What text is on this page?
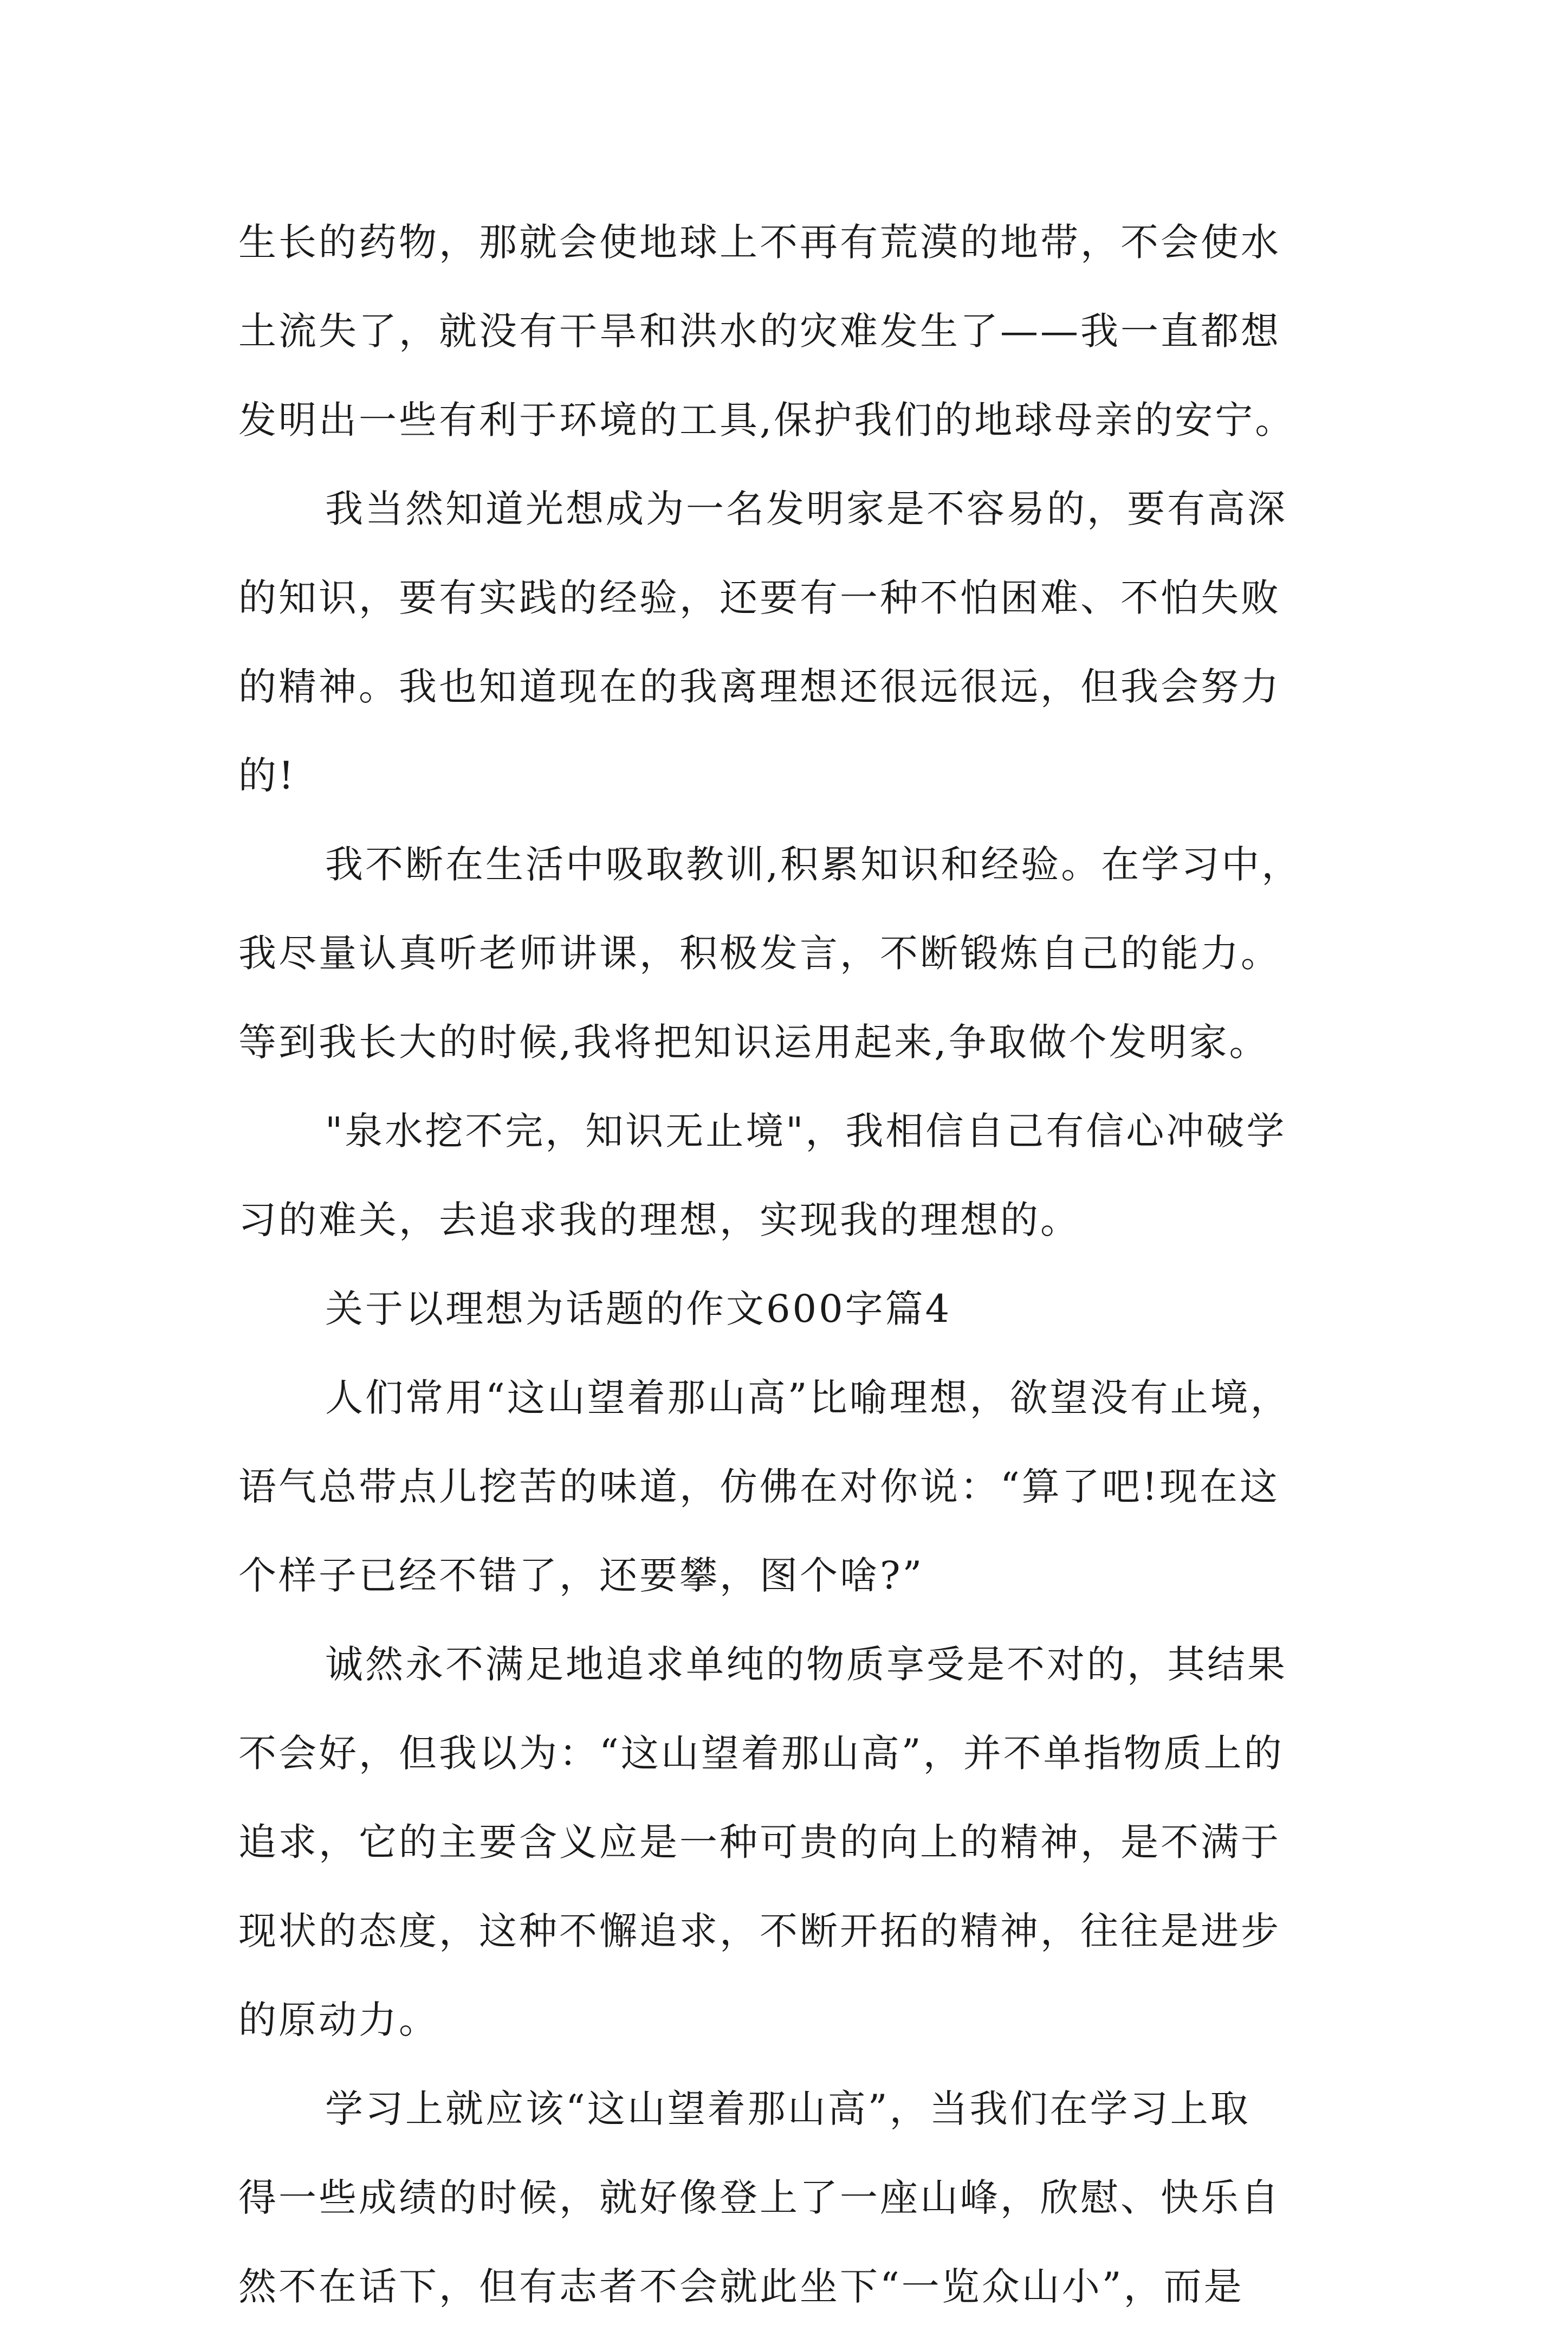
生长的药物，那就会使地球上不再有荒漠的地带，不会使水
土流失了，就没有干旱和洪水的灾难发生了——我一直都想
发明出一些有利于环境的工具,保护我们的地球母亲的安宁。
我当然知道光想成为一名发明家是不容易的，要有高深
的知识，要有实践的经验，还要有一种不怕困难、不怕失败
的精神。我也知道现在的我离理想还很远很远，但我会努力
的!
我不断在生活中吸取教训,积累知识和经验。在学习中，
我尽量认真听老师讲课，积极发言，不断锻炼自己的能力。
等到我长大的时候,我将把知识运用起来,争取做个发明家。
"泉水挖不完，知识无止境"，我相信自己有信心冲破学
习的难关，去追求我的理想，实现我的理想的。
关于以理想为话题的作文600字篇4
人们常用“这山望着那山高”比喻理想，欲望没有止境，
语气总带点儿挖苦的味道，仿佛在对你说：“算了吧!现在这
个样子已经不错了，还要攀，图个啥?”
诚然永不满足地追求单纯的物质享受是不对的，其结果
不会好，但我以为：“这山望着那山高”，并不单指物质上的
追求，它的主要含义应是一种可贵的向上的精神，是不满于
现状的态度，这种不懈追求，不断开拓的精神，往往是进步
的原动力。
学习上就应该“这山望着那山高”，当我们在学习上取
得一些成绩的时候，就好像登上了一座山峰，欣慰、快乐自
然不在话下，但有志者不会就此坐下“一览众山小”，而是
